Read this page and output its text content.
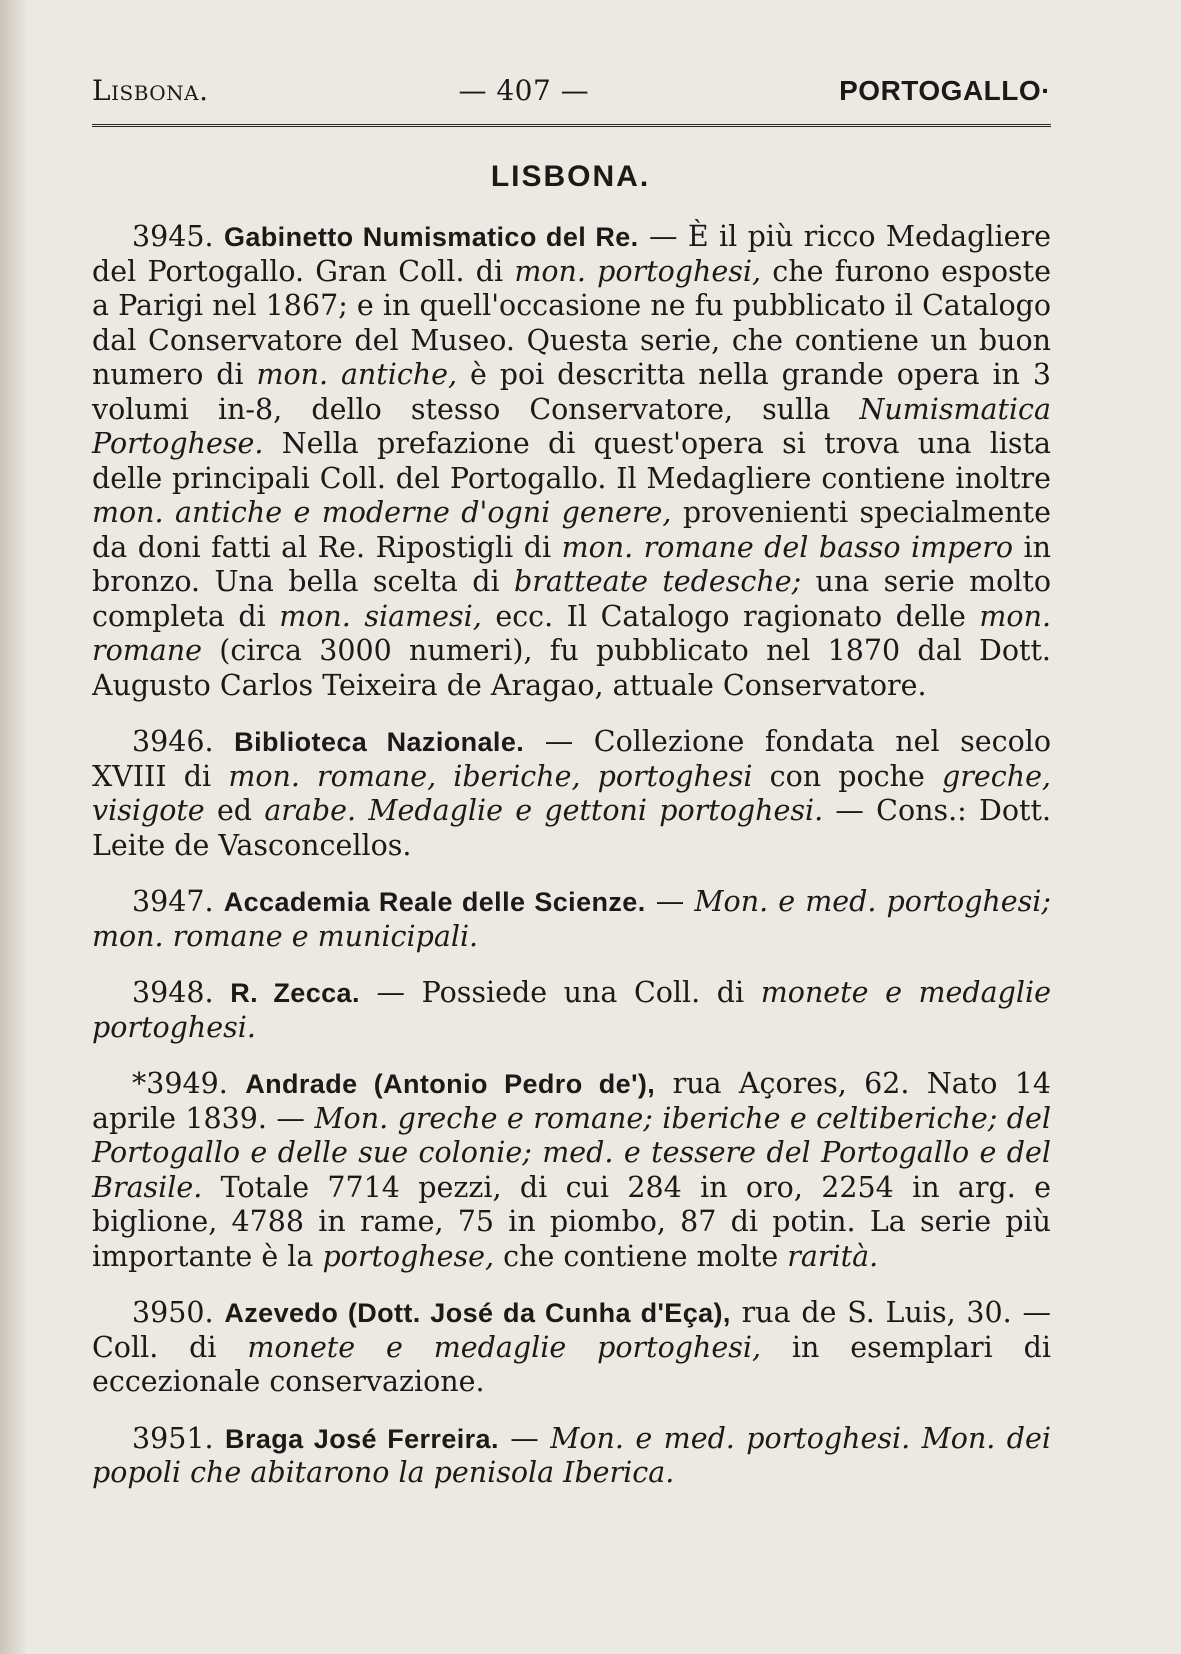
Lisbona.	— 407 —	PORTOGALLO·
LISBONA.

3945. Gabinetto Numismatico del Re. — È il più ricco Medagliere del Portogallo. Gran Coll. di mon. portoghesi, che furono esposte a Parigi nel 1867; e in quell'occasione ne fu pubblicato il Catalogo dal Conservatore del Museo. Questa serie, che contiene un buon numero di mon. antiche, è poi descritta nella grande opera in 3 volumi in-8, dello stesso Conservatore, sulla Numismatica Portoghese. Nella prefazione di quest'opera si trova una lista delle principali Coll. del Portogallo. Il Medagliere contiene inoltre mon. antiche e moderne d'ogni genere, provenienti specialmente da doni fatti al Re. Ripostigli di mon. romane del basso impero in bronzo. Una bella scelta di bratteate tedesche; una serie molto completa di mon. siamesi, ecc. Il Catalogo ragionato delle mon. romane (circa 3000 numeri), fu pubblicato nel 1870 dal Dott. Augusto Carlos Teixeira de Aragao, attuale Conservatore.

3946. Biblioteca Nazionale. — Collezione fondata nel secolo XVIII di mon. romane, iberiche, portoghesi con poche greche, visigote ed arabe. Medaglie e gettoni portoghesi. — Cons.: Dott. Leite de Vasconcellos.

3947. Accademia Reale delle Scienze. — Mon. e med. portoghesi; mon. romane e municipali.

3948. R. Zecca. — Possiede una Coll. di monete e medaglie portoghesi.

*3949. Andrade (Antonio Pedro de'), rua Açores, 62. Nato 14 aprile 1839. — Mon. greche e romane; iberiche e celtiberiche; del Portogallo e delle sue colonie; med. e tessere del Portogallo e del Brasile. Totale 7714 pezzi, di cui 284 in oro, 2254 in arg. e biglione, 4788 in rame, 75 in piombo, 87 di potin. La serie più importante è la portoghese, che contiene molte rarità.

3950. Azevedo (Dott. José da Cunha d'Eça), rua de S. Luis, 30. — Coll. di monete e medaglie portoghesi, in esemplari di eccezionale conservazione.

3951. Braga José Ferreira. — Mon. e med. portoghesi. Mon. dei popoli che abitarono la penisola Iberica.
